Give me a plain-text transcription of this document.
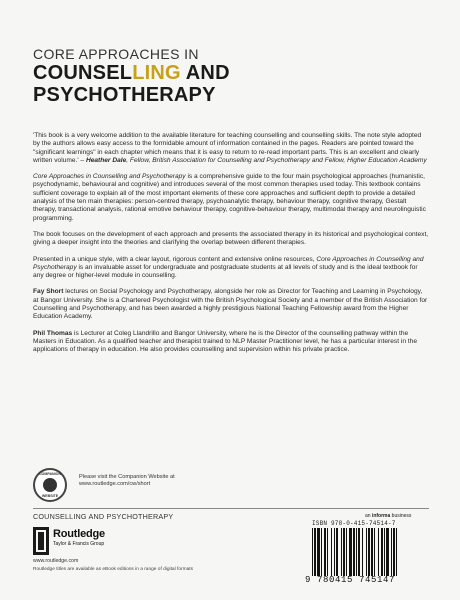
CORE APPROACHES IN
COUNSELLING AND
PSYCHOTHERAPY

'This book is a very welcome addition to the available literature for teaching counselling and counselling skills. The note style adopted by the authors allows easy access to the formidable amount of information contained in the pages. Readers are pointed toward the "significant learnings" in each chapter which means that it is easy to return to re-read important parts. This is an excellent and clearly written volume.' – Heather Dale, Fellow, British Association for Counselling and Psychotherapy and Fellow, Higher Education Academy

Core Approaches in Counselling and Psychotherapy is a comprehensive guide to the four main psychological approaches (humanistic, psychodynamic, behavioural and cognitive) and introduces several of the most common therapies used today. This textbook contains sufficient coverage to explain all of the most important elements of these core approaches and sufficient depth to provide a detailed analysis of the ten main therapies: person-centred therapy, psychoanalytic therapy, behaviour therapy, cognitive therapy, Gestalt therapy, transactional analysis, rational emotive behaviour therapy, cognitive-behaviour therapy, multimodal therapy and neurolinguistic programming.

The book focuses on the development of each approach and presents the associated therapy in its historical and psychological context, giving a deeper insight into the theories and clarifying the overlap between different therapies.

Presented in a unique style, with a clear layout, rigorous content and extensive online resources, Core Approaches in Counselling and Psychotherapy is an invaluable asset for undergraduate and postgraduate students at all levels of study and is the ideal textbook for any degree or higher-level module in counselling.

Fay Short lectures on Social Psychology and Psychotherapy, alongside her role as Director for Teaching and Learning in Psychology, at Bangor University. She is a Chartered Psychologist with the British Psychological Society and a member of the British Association for Counselling and Psychotherapy, and has been awarded a highly prestigious National Teaching Fellowship award from the Higher Education Academy.

Phil Thomas is Lecturer at Coleg Llandrillo and Bangor University, where he is the Director of the counselling pathway within the Masters in Education. As a qualified teacher and therapist trained to NLP Master Practitioner level, he has a particular interest in the applications of therapy in education. He also provides counselling and supervision within his private practice.

COMPANION
WEBSITE
Please visit the Companion Website at
www.routledge.com/cw/short
COUNSELLING AND PSYCHOTHERAPY	an informa business
Routledge
Taylor & Francis Group
www.routledge.com
Routledge titles are available as eBook editions in a range of digital formats
ISBN 978-0-415-74514-7
9 780415 745147
